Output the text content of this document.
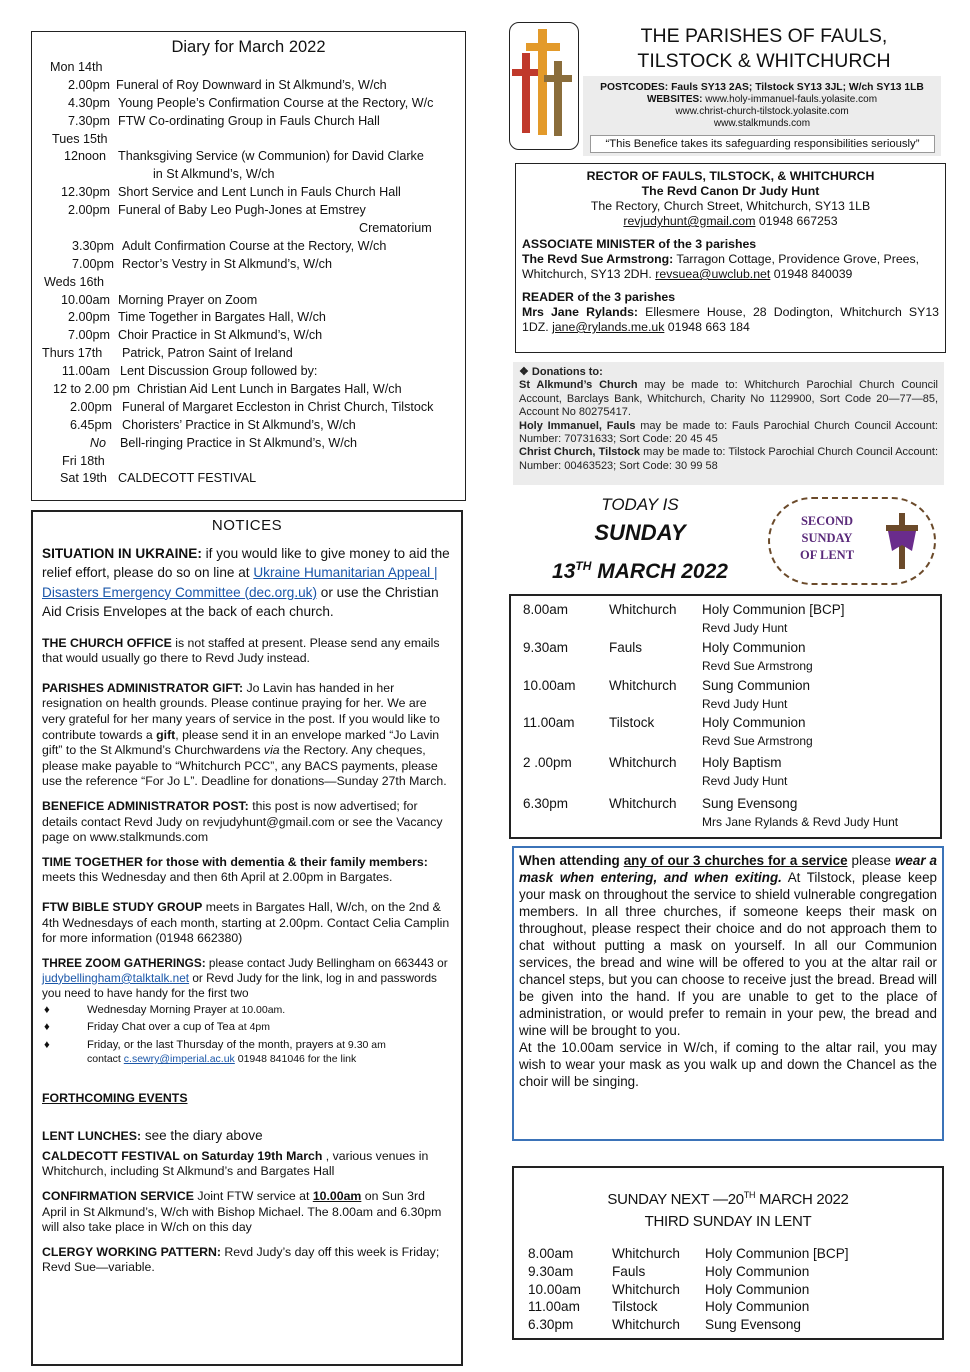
Diary for March 2022
Mon 14th
2.00pm Funeral of Roy Downward in St Alkmund’s, W/ch
4.30pm Young People’s Confirmation Course at the Rectory, W/c
7.30pm FTW Co-ordinating Group in Fauls Church Hall
Tues 15th
12noon Thanksgiving Service (w Communion) for David Clarke
in St Alkmund’s, W/ch
12.30pm Short Service and Lent Lunch in Fauls Church Hall
2.00pm Funeral of Baby Leo Pugh-Jones at Emstrey
Crematorium
3.30pm Adult Confirmation Course at the Rectory, W/ch
7.00pm Rector’s Vestry in St Alkmund’s, W/ch
Weds 16th
10.00am Morning Prayer on Zoom
2.00pm Time Together in Bargates Hall, W/ch
7.00pm Choir Practice in St Alkmund’s, W/ch
Thurs 17th Patrick, Patron Saint of Ireland
11.00am Lent Discussion Group followed by:
12 to 2.00 pm Christian Aid Lent Lunch in Bargates Hall, W/ch
2.00pm Funeral of Margaret Eccleston in Christ Church, Tilstock
6.45pm Choristers’ Practice in St Alkmund’s, W/ch
No Bell-ringing Practice in St Alkmund’s, W/ch
Fri 18th
Sat 19th CALDECOTT FESTIVAL
NOTICES

SITUATION IN UKRAINE: if you would like to give money to aid the relief effort, please do so on line at Ukraine Humanitarian Appeal | Disasters Emergency Committee (dec.org.uk) or use the Christian Aid Crisis Envelopes at the back of each church.

THE CHURCH OFFICE is not staffed at present. Please send any emails that would usually go there to Revd Judy instead.

PARISHES ADMINISTRATOR GIFT: Jo Lavin has handed in her resignation on health grounds. Please continue praying for her. We are very grateful for her many years of service in the post. If you would like to contribute towards a gift, please send it in an envelope marked “Jo Lavin gift” to the St Alkmund’s Churchwardens via the Rectory. Any cheques, please make payable to “Whitchurch PCC”, any BACS payments, please use the reference “For Jo L”. Deadline for donations—Sunday 27th March.

BENEFICE ADMINISTRATOR POST: this post is now advertised; for details contact Revd Judy on revjudyhunt@gmail.com or see the Vacancy page on www.stalkmunds.com

TIME TOGETHER for those with dementia & their family members: meets this Wednesday and then 6th April at 2.00pm in Bargates.

FTW BIBLE STUDY GROUP meets in Bargates Hall, W/ch, on the 2nd & 4th Wednesdays of each month, starting at 2.00pm. Contact Celia Camplin for more information (01948 662380)

THREE ZOOM GATHERINGS: please contact Judy Bellingham on 663443 or judybellingham@talktalk.net or Revd Judy for the link, log in and passwords you need to have handy for the first two

♦	Wednesday Morning Prayer at 10.00am.
♦	Friday Chat over a cup of Tea at 4pm
♦	Friday, or the last Thursday of the month, prayers at 9.30 am
contact c.sewry@imperial.ac.uk 01948 841046 for the link

FORTHCOMING EVENTS

LENT LUNCHES: see the diary above

CALDECOTT FESTIVAL on Saturday 19th March , various venues in Whitchurch, including St Alkmund’s and Bargates Hall

CONFIRMATION SERVICE Joint FTW service at 10.00am on Sun 3rd April in St Alkmund’s, W/ch with Bishop Michael. The 8.00am and 6.30pm will also take place in W/ch on this day

CLERGY WORKING PATTERN: Revd Judy’s day off this week is Friday; Revd Sue—variable.

THE PARISHES OF FAULS,
TILSTOCK & WHITCHURCH
POSTCODES: Fauls SY13 2AS; Tilstock SY13 3JL; W/ch SY13 1LB
WEBSITES: www.holy-immanuel-fauls.yolasite.com
www.christ-church-tilstock.yolasite.com
www.stalkmunds.com
“This Benefice takes its safeguarding responsibilities seriously”
RECTOR OF FAULS, TILSTOCK, & WHITCHURCH
The Revd Canon Dr Judy Hunt
The Rectory, Church Street, Whitchurch, SY13 1LB
revjudyhunt@gmail.com 01948 667253
ASSOCIATE MINISTER of the 3 parishes
The Revd Sue Armstrong: Tarragon Cottage, Providence Grove, Prees, Whitchurch, SY13 2DH. revsuea@uwclub.net 01948 840039
READER of the 3 parishes
Mrs Jane Rylands: Ellesmere House, 28 Dodington, Whitchurch SY13 1DZ. jane@rylands.me.uk 01948 663 184
❖ Donations to:
St Alkmund’s Church may be made to: Whitchurch Parochial Church Council Account, Barclays Bank, Whitchurch, Charity No 1129900, Sort Code 20—77—85, Account No 80275417.
Holy Immanuel, Fauls may be made to: Fauls Parochial Church Council Account: Number: 70731633; Sort Code: 20 45 45
Christ Church, Tilstock may be made to: Tilstock Parochial Church Council Account: Number: 00463523; Sort Code: 30 99 58
TODAY IS
SUNDAY
13TH MARCH 2022
SECOND
SUNDAY
OF LENT
8.00am	Whitchurch Holy Communion [BCP]
Revd Judy Hunt
9.30am	Fauls	Holy Communion
Revd Sue Armstrong
10.00am Whitchurch Sung Communion
Revd Judy Hunt
11.00am	Tilstock	Holy Communion
Revd Sue Armstrong
2 .00pm	Whitchurch Holy Baptism
Revd Judy Hunt
6.30pm	Whitchurch Sung Evensong
Mrs Jane Rylands & Revd Judy Hunt
When attending any of our 3 churches for a service please wear a mask when entering, and when exiting. At Tilstock, please keep your mask on throughout the service to shield vulnerable congregation members. In all three churches, if someone keeps their mask on throughout, please respect their choice and do not approach them to chat without putting a mask on yourself. In all our Communion services, the bread and wine will be offered to you at the altar rail or chancel steps, but you can choose to receive just the bread. Bread will be given into the hand. If you are unable to get to the place of administration, or would prefer to remain in your pew, the bread and wine will be brought to you.
At the 10.00am service in W/ch, if coming to the altar rail, you may wish to wear your mask as you walk up and down the Chancel as the choir will be singing.
SUNDAY NEXT —20TH MARCH 2022
THIRD SUNDAY IN LENT
8.00am	Whitchurch Holy Communion [BCP]
9.30am	Fauls	Holy Communion
10.00am Whitchurch Holy Communion
11.00am Tilstock	Holy Communion
6.30pm	Whitchurch Sung Evensong
